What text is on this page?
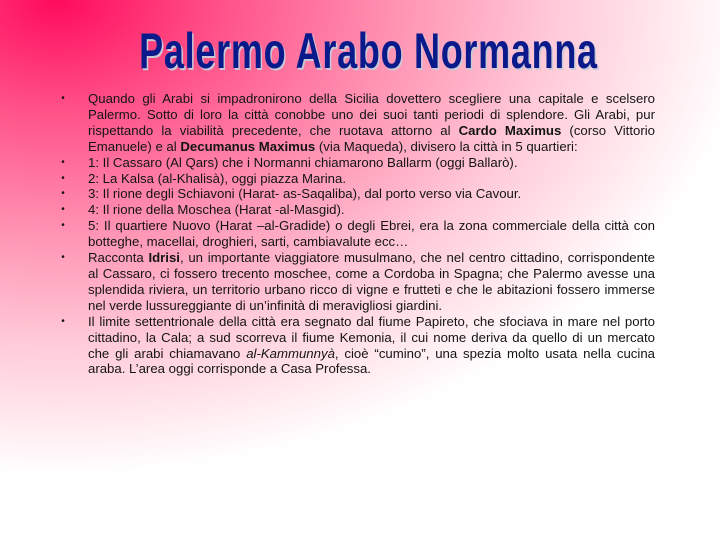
Palermo Arabo Normanna
• Quando gli Arabi si impadronirono della Sicilia dovettero scegliere una capitale e scelsero Palermo. Sotto di loro la città conobbe uno dei suoi tanti periodi di splendore. Gli Arabi, pur rispettando la viabilità precedente, che ruotava attorno al Cardo Maximus (corso Vittorio Emanuele) e al Decumanus Maximus (via Maqueda), divisero la città in 5 quartieri:
• 1: Il Cassaro (Al Qars) che i Normanni chiamarono Ballarm (oggi Ballarò).
• 2: La Kalsa (al-Khalisà), oggi piazza Marina.
• 3: Il rione degli Schiavoni (Harat- as-Saqaliba), dal porto verso via Cavour.
• 4: Il rione della Moschea (Harat -al-Masgid).
• 5: Il quartiere Nuovo (Harat –al-Gradide) o degli Ebrei, era la zona commerciale della città con botteghe, macellai, droghieri, sarti, cambiavalute ecc…
• Racconta Idrisi, un importante viaggiatore musulmano, che nel centro cittadino, corrispondente al Cassaro, ci fossero trecento moschee, come a Cordoba in Spagna; che Palermo avesse una splendida riviera, un territorio urbano ricco di vigne e frutteti e che le abitazioni fossero immerse nel verde lussureggiante di un’infinità di meravigliosi giardini.
• Il limite settentrionale della città era segnato dal fiume Papireto, che sfociava in mare nel porto cittadino, la Cala; a sud scorreva il fiume Kemonia, il cui nome deriva da quello di un mercato che gli arabi chiamavano al-Kammunnyà, cioè “cumino”, una spezia molto usata nella cucina araba. L’area oggi corrisponde a Casa Professa.
